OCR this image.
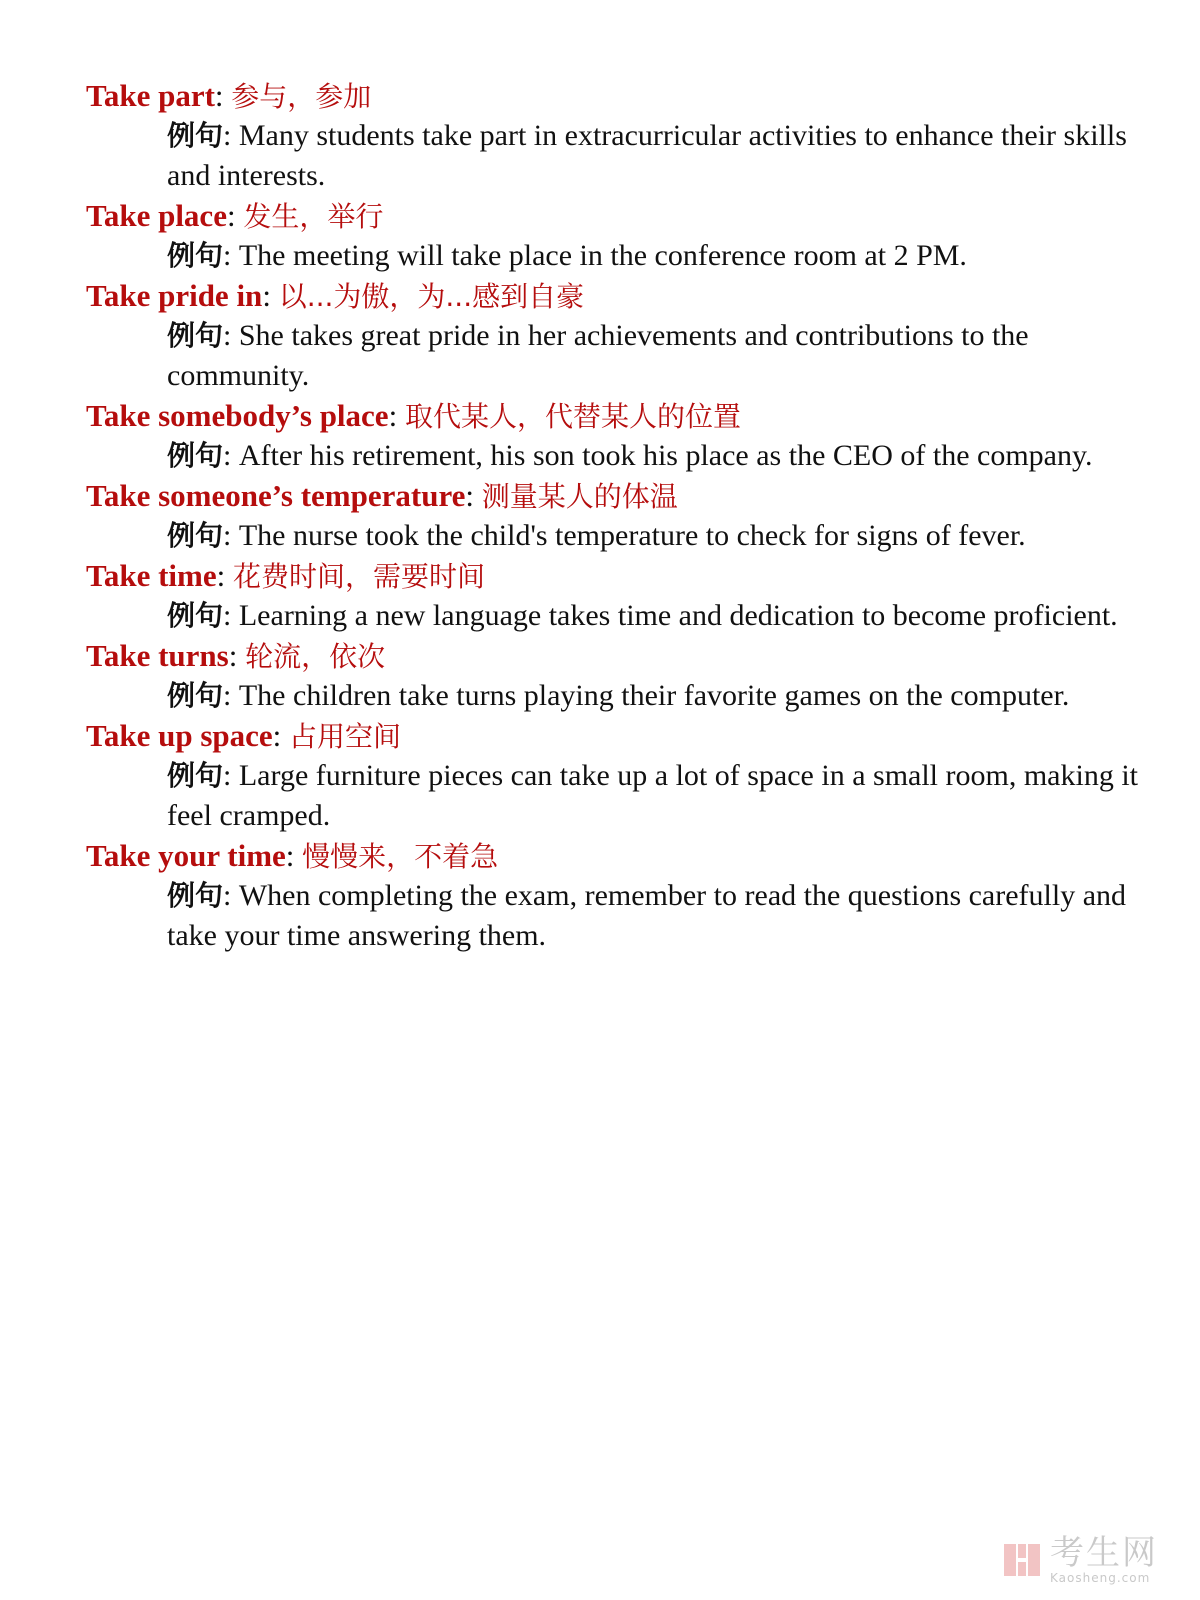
Take part: 参与，参加
例句: Many students take part in extracurricular activities to enhance their skills and interests.
Take place: 发生，举行
例句: The meeting will take place in the conference room at 2 PM.
Take pride in: 以...为傲，为...感到自豪
例句: She takes great pride in her achievements and contributions to the community.
Take somebody’s place: 取代某人，代替某人的位置
例句: After his retirement, his son took his place as the CEO of the company.
Take someone’s temperature: 测量某人的体温
例句: The nurse took the child's temperature to check for signs of fever.
Take time: 花费时间，需要时间
例句: Learning a new language takes time and dedication to become proficient.
Take turns: 轮流，依次
例句: The children take turns playing their favorite games on the computer.
Take up space: 占用空间
例句: Large furniture pieces can take up a lot of space in a small room, making it feel cramped.
Take your time: 慢慢来，不着急
例句: When completing the exam, remember to read the questions carefully and take your time answering them.
考生网
Kaosheng.com
